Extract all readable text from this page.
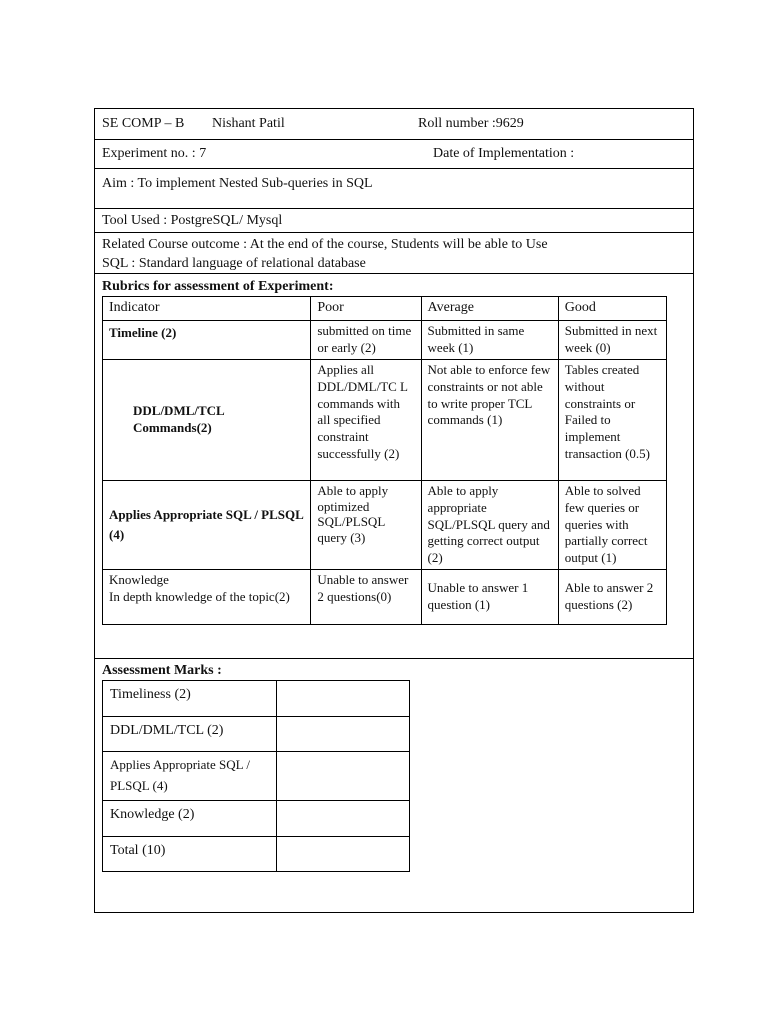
SE COMP – B Nishant Patil	Roll number :9629
Experiment no. : 7	Date of Implementation :
Aim : To implement Nested Sub-queries in SQL
Tool Used : PostgreSQL/ Mysql
Related Course outcome : At the end of the course, Students will be able to Use
SQL : Standard language of relational database
Rubrics for assessment of Experiment:
Indicator	Poor	Average	Good
Timeline (2)	submitted on time or early (2)	Submitted in same week (1)	Submitted in next week (0)
DDL/DML/TCL Commands(2)	Applies all DDL/DML/TC L commands with all specified constraint successfully (2)	Not able to enforce few constraints or not able to write proper TCL commands (1)	Tables created without constraints or Failed to implement transaction (0.5)
Applies Appropriate SQL / PLSQL (4)	Able to apply optimized SQL/PLSQL query (3)	Able to apply appropriate SQL/PLSQL query and getting correct output (2)	Able to solved few queries or queries with partially correct output (1)

Knowledge
In depth knowledge of the topic(2)	Unable to answer 2 questions(0)	Unable to answer 1 question (1)	Able to answer 2 questions (2)
Assessment Marks :
Timeliness (2)	
DDL/DML/TCL (2)	
Applies Appropriate SQL / PLSQL (4)	
Knowledge (2)	
Total (10)	
